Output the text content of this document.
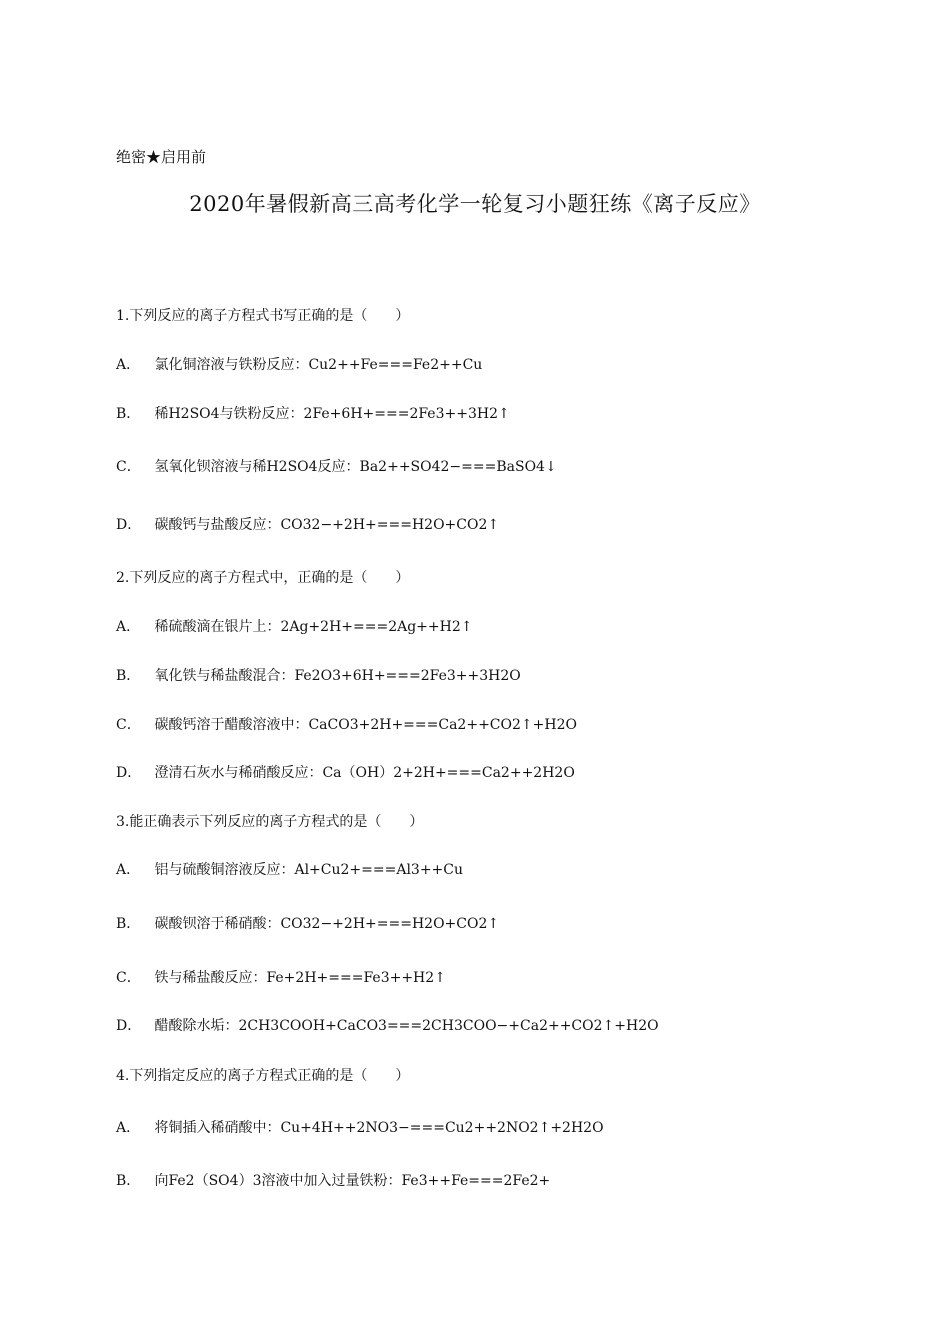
绝密★启用前
2020年暑假新高三高考化学一轮复习小题狂练《离子反应》
1.下列反应的离子方程式书写正确的是（　　）
A． 氯化铜溶液与铁粉反应：Cu2++Fe===Fe2++Cu
B． 稀H2SO4与铁粉反应：2Fe+6H+===2Fe3++3H2↑
C． 氢氧化钡溶液与稀H2SO4反应：Ba2++SO42−===BaSO4↓
D． 碳酸钙与盐酸反应：CO32−+2H+===H2O+CO2↑
2.下列反应的离子方程式中，正确的是（　　）
A． 稀硫酸滴在银片上：2Ag+2H+===2Ag++H2↑
B． 氧化铁与稀盐酸混合：Fe2O3+6H+===2Fe3++3H2O
C． 碳酸钙溶于醋酸溶液中：CaCO3+2H+===Ca2++CO2↑+H2O
D． 澄清石灰水与稀硝酸反应：Ca（OH）2+2H+===Ca2++2H2O
3.能正确表示下列反应的离子方程式的是（　　）
A． 铝与硫酸铜溶液反应：Al+Cu2+===Al3++Cu
B． 碳酸钡溶于稀硝酸：CO32−+2H+===H2O+CO2↑
C． 铁与稀盐酸反应：Fe+2H+===Fe3++H2↑
D． 醋酸除水垢：2CH3COOH+CaCO3===2CH3COO−+Ca2++CO2↑+H2O
4.下列指定反应的离子方程式正确的是（　　）
A． 将铜插入稀硝酸中：Cu+4H++2NO3−===Cu2++2NO2↑+2H2O
B． 向Fe2（SO4）3溶液中加入过量铁粉：Fe3++Fe===2Fe2+
